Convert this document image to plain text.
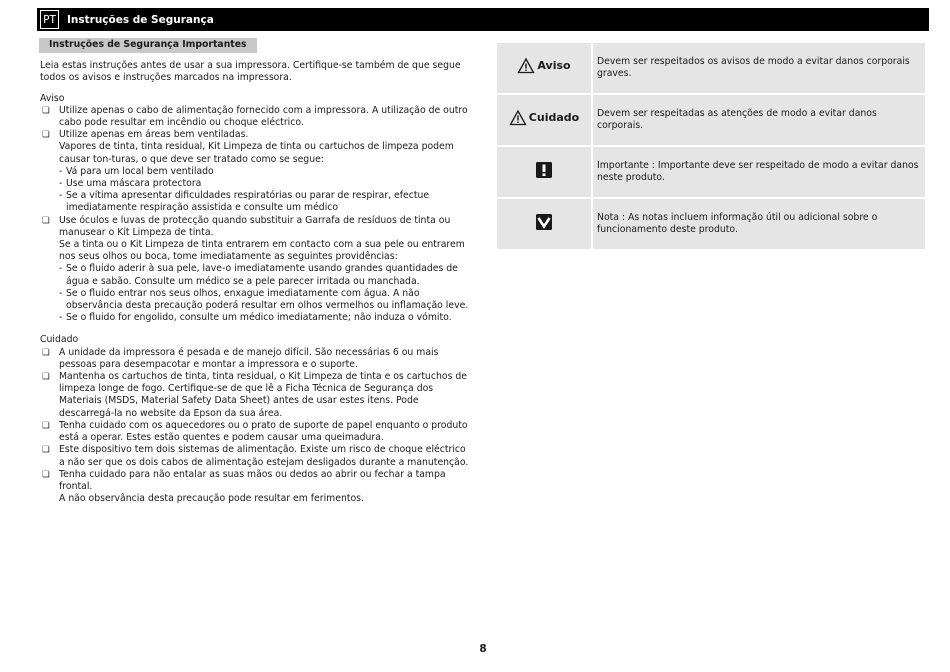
PT Instruções de Segurança
Instruções de Segurança Importantes
Leia estas instruções antes de usar a sua impressora. Certifique-se também de que segue todos os avisos e instruções marcados na impressora.
Aviso
❏ Utilize apenas o cabo de alimentação fornecido com a impressora. A utilização de outro cabo pode resultar em incêndio ou choque eléctrico.
❏ Utilize apenas em áreas bem ventiladas.
Vapores de tinta, tinta residual, Kit Limpeza de tinta ou cartuchos de limpeza podem causar ton-turas, o que deve ser tratado como se segue:
- Vá para um local bem ventilado
- Use uma máscara protectora
- Se a vítima apresentar dificuldades respiratórias ou parar de respirar, efectue imediatamente respiração assistida e consulte um médico
❏ Use óculos e luvas de protecção quando substituir a Garrafa de resíduos de tinta ou manusear o Kit Limpeza de tinta.
Se a tinta ou o Kit Limpeza de tinta entrarem em contacto com a sua pele ou entrarem nos seus olhos ou boca, tome imediatamente as seguintes providências:
- Se o fluido aderir à sua pele, lave-o imediatamente usando grandes quantidades de água e sabão. Consulte um médico se a pele parecer irritada ou manchada.
- Se o fluido entrar nos seus olhos, enxague imediatamente com água. A não observância desta precaução poderá resultar em olhos vermelhos ou inflamação leve.
- Se o fluido for engolido, consulte um médico imediatamente; não induza o vómito.
Cuidado
❏ A unidade da impressora é pesada e de manejo difícil. São necessárias 6 ou mais pessoas para desempacotar e montar a impressora e o suporte.
❏ Mantenha os cartuchos de tinta, tinta residual, o Kit Limpeza de tinta e os cartuchos de limpeza longe de fogo. Certifique-se de que lê a Ficha Técnica de Segurança dos Materiais (MSDS, Material Safety Data Sheet) antes de usar estes itens. Pode descarregá-la no website da Epson da sua área.
❏ Tenha cuidado com os aquecedores ou o prato de suporte de papel enquanto o produto está a operar. Estes estão quentes e podem causar uma queimadura.
❏ Este dispositivo tem dois sistemas de alimentação. Existe um risco de choque eléctrico a não ser que os dois cabos de alimentação estejam desligados durante a manutenção.
❏ Tenha cuidado para não entalar as suas mãos ou dedos ao abrir ou fechar a tampa frontal.
A não observância desta precaução pode resultar em ferimentos.
Aviso	Devem ser respeitados os avisos de modo a evitar danos corporais graves.

Cuidado	Devem ser respeitadas as atenções de modo a evitar danos corporais.
	Importante : Importante deve ser respeitado de modo a evitar danos neste produto.
	Nota : As notas incluem informação útil ou adicional sobre o funcionamento deste produto.
8
